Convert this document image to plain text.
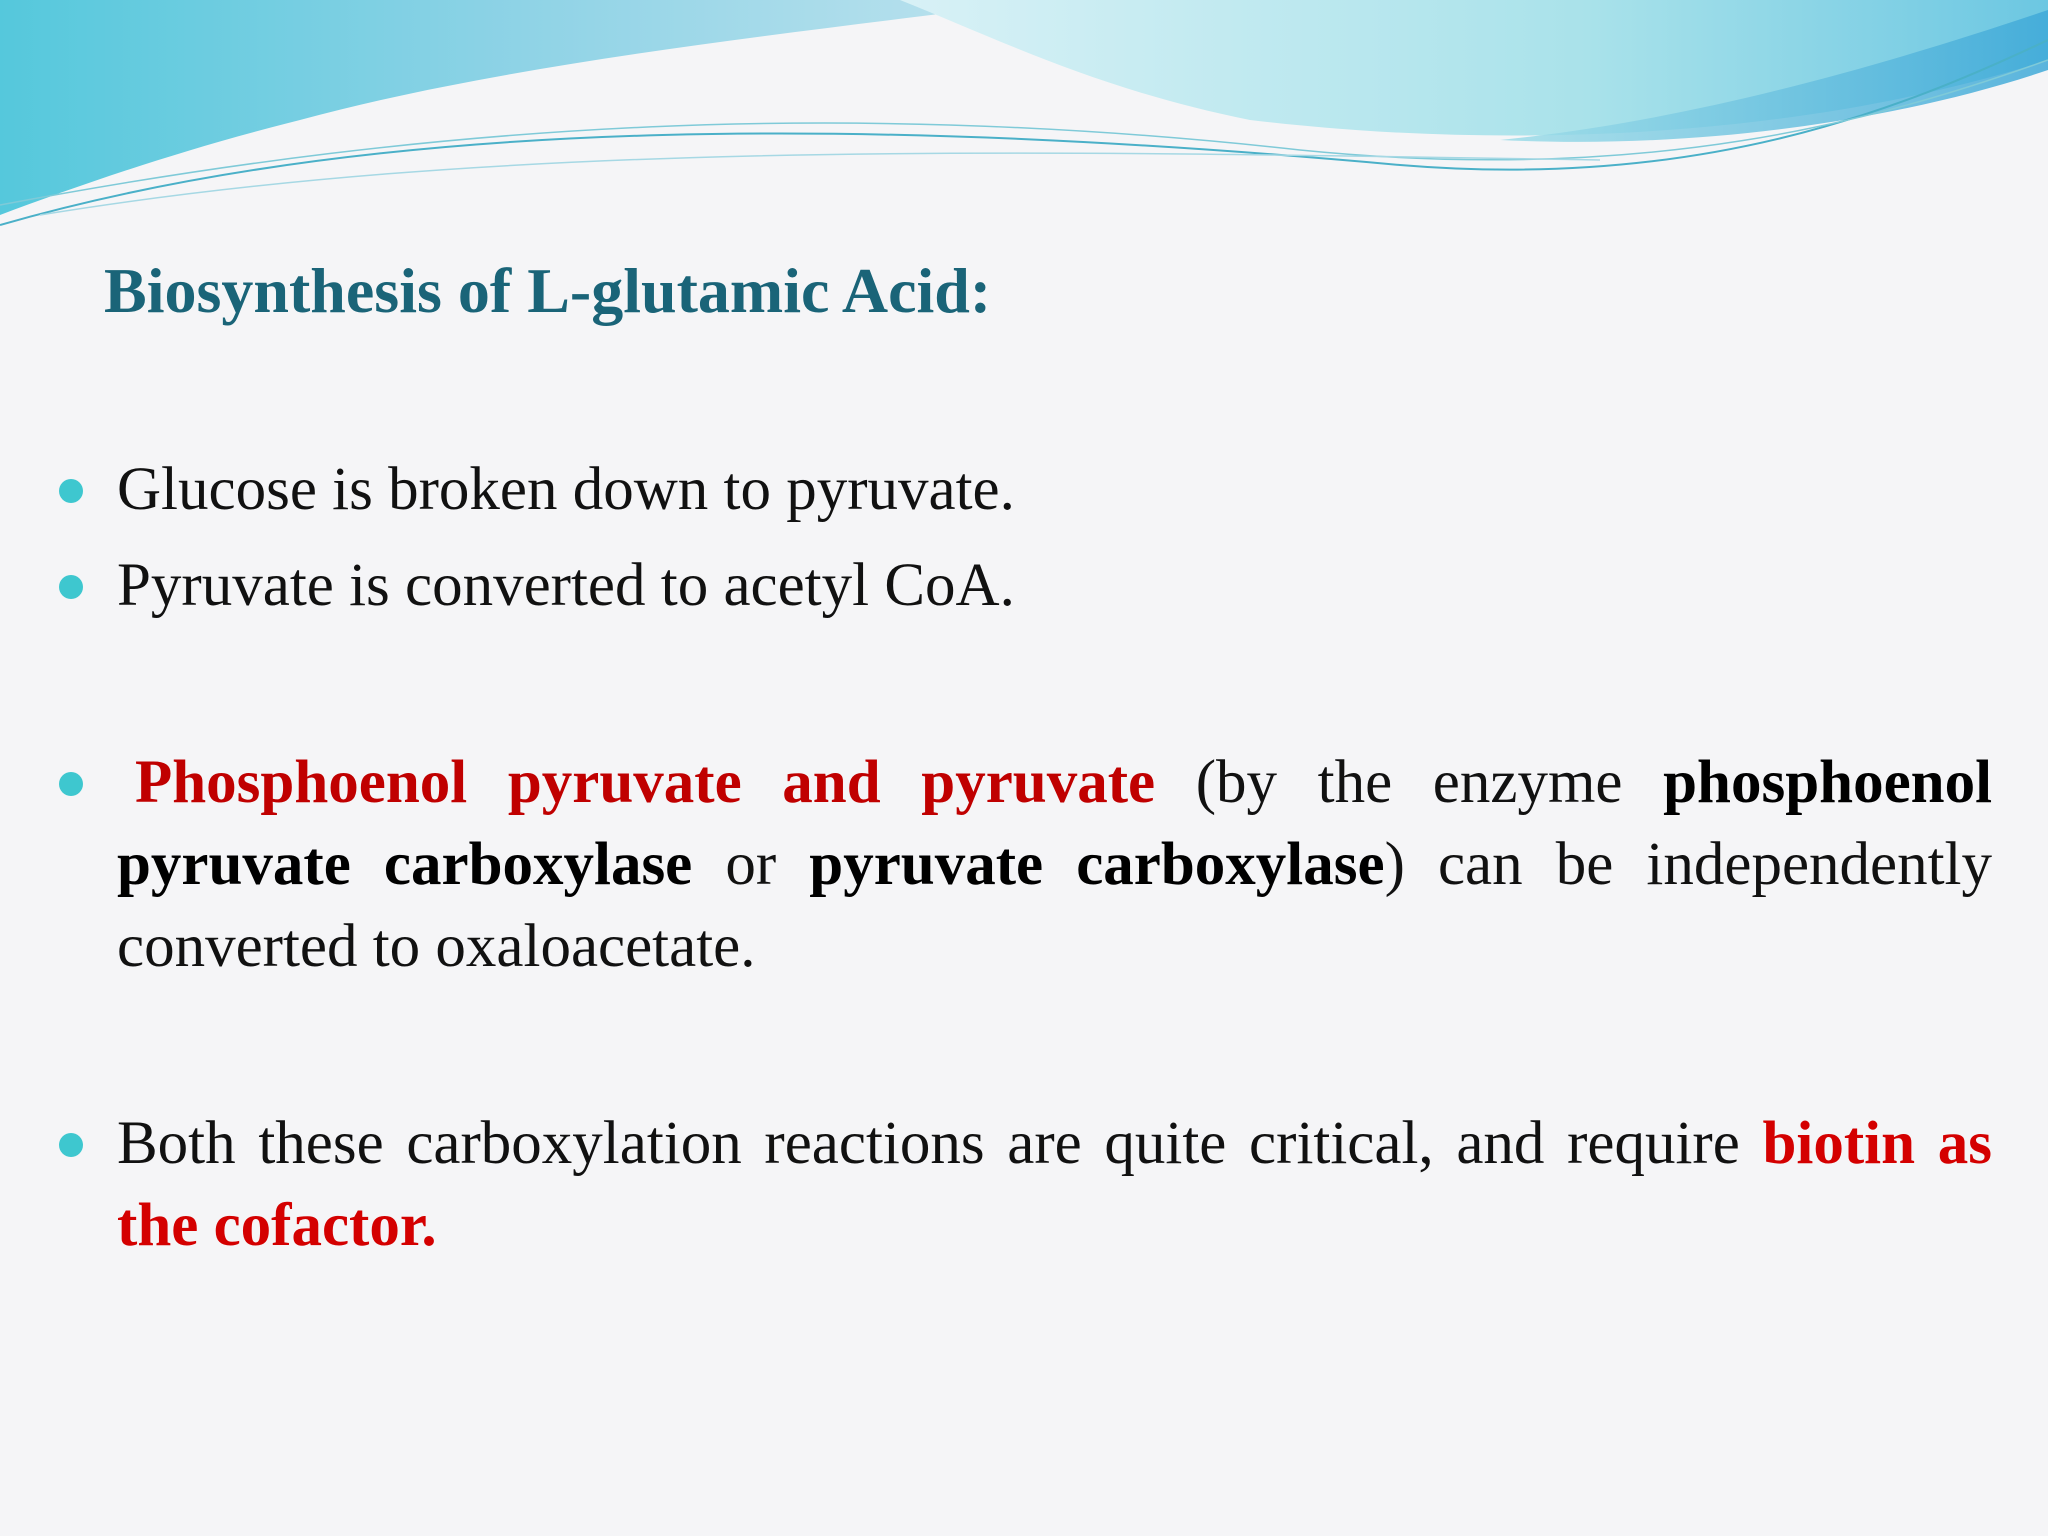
Biosynthesis of L-glutamic Acid:
Glucose is broken down to pyruvate.
Pyruvate is converted to acetyl CoA.
Phosphoenol pyruvate and pyruvate (by the enzyme phosphoenol pyruvate carboxylase or pyruvate carboxylase) can be independently converted to oxaloacetate.
Both these carboxylation reactions are quite critical, and require biotin as the cofactor.
